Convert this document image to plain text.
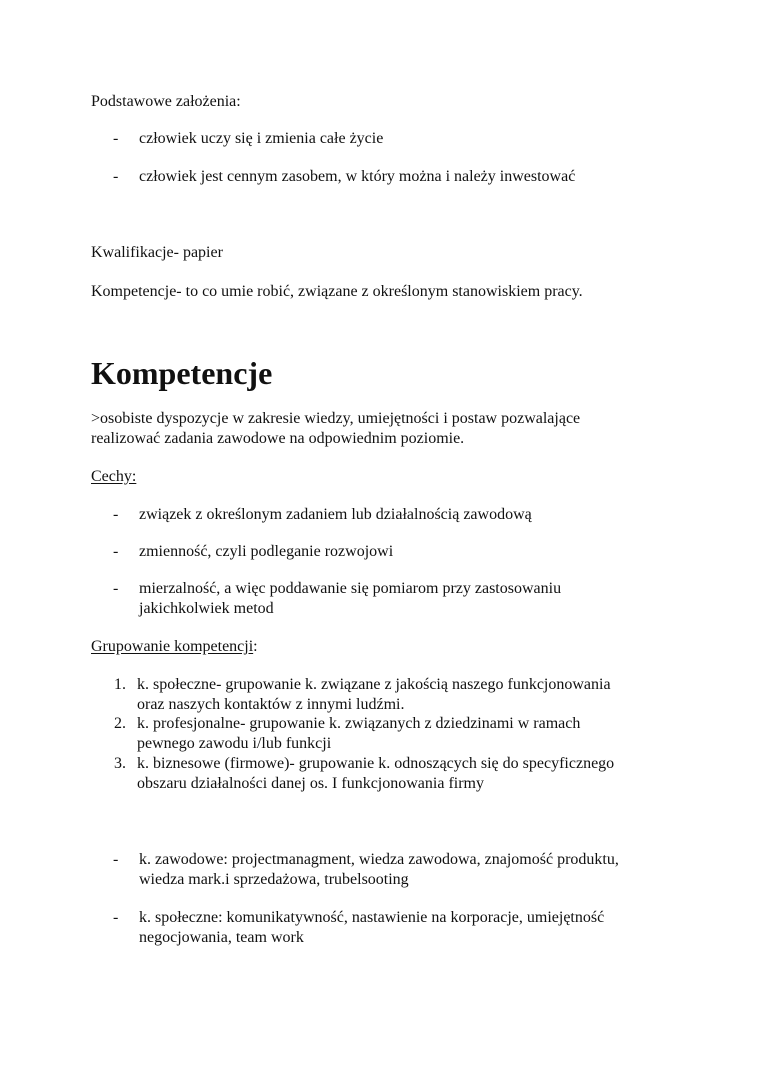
Podstawowe założenia:
- człowiek uczy się i zmienia całe życie
- człowiek jest cennym zasobem, w który można i należy inwestować
Kwalifikacje- papier
Kompetencje- to co umie robić, związane z określonym stanowiskiem pracy.
Kompetencje
>osobiste dyspozycje w zakresie wiedzy, umiejętności i postaw pozwalające
realizować zadania zawodowe na odpowiednim poziomie.
Cechy:
- związek z określonym zadaniem lub działalnością zawodową
- zmienność, czyli podleganie rozwojowi
- mierzalność, a więc poddawanie się pomiarom przy zastosowaniu
jakichkolwiek metod
Grupowanie kompetencji:
1. k. społeczne- grupowanie k. związane z jakością naszego funkcjonowania
oraz naszych kontaktów z innymi ludźmi.
2. k. profesjonalne- grupowanie k. związanych z dziedzinami w ramach
pewnego zawodu i/lub funkcji
3. k. biznesowe (firmowe)- grupowanie k. odnoszących się do specyficznego
obszaru działalności danej os. I funkcjonowania firmy
- k. zawodowe: projectmanagment, wiedza zawodowa, znajomość produktu,
wiedza mark.i sprzedażowa, trubelsooting
- k. społeczne: komunikatywność, nastawienie na korporacje, umiejętność
negocjowania, team work
